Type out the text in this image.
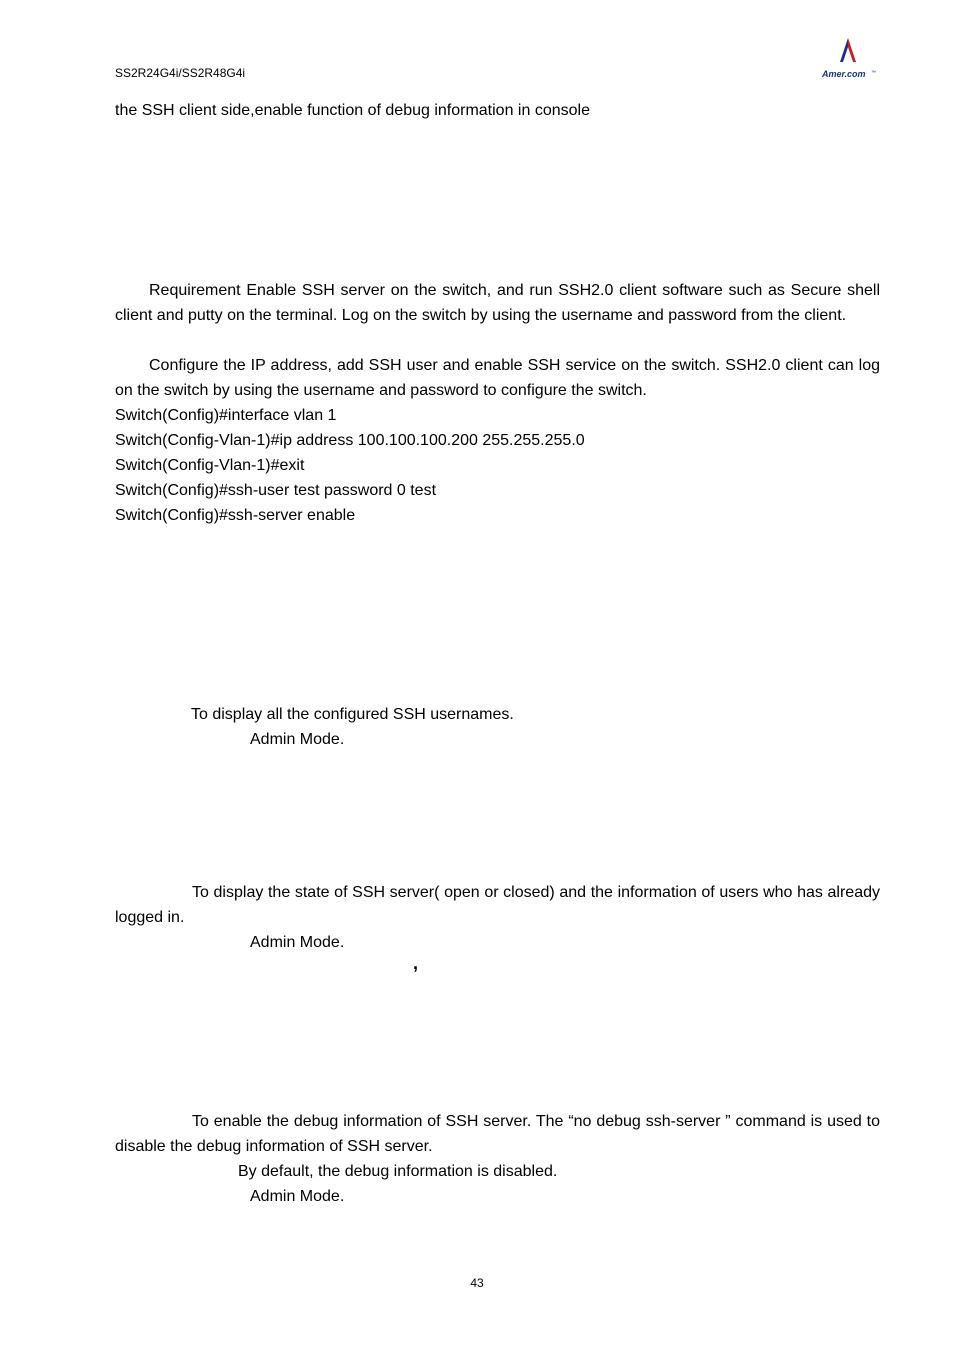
SS2R24G4i/SS2R48G4i	Amer.com ™
the SSH client side,enable function of debug information in console
Requirement Enable SSH server on the switch, and run SSH2.0 client software such as Secure shell client and putty on the terminal. Log on the switch by using the username and password from the client.
Configure the IP address, add SSH user and enable SSH service on the switch. SSH2.0 client can log on the switch by using the username and password to configure the switch.
Switch(Config)#interface vlan 1
Switch(Config-Vlan-1)#ip address 100.100.100.200 255.255.255.0
Switch(Config-Vlan-1)#exit
Switch(Config)#ssh-user test password 0 test
Switch(Config)#ssh-server enable
To display all the configured SSH usernames.
Admin Mode.
To display the state of SSH server( open or closed) and the information of users who has already logged in.
Admin Mode.
,
To enable the debug information of SSH server. The “no debug ssh-server ” command is used to disable the debug information of SSH server.
By default, the debug information is disabled.
Admin Mode.
43
